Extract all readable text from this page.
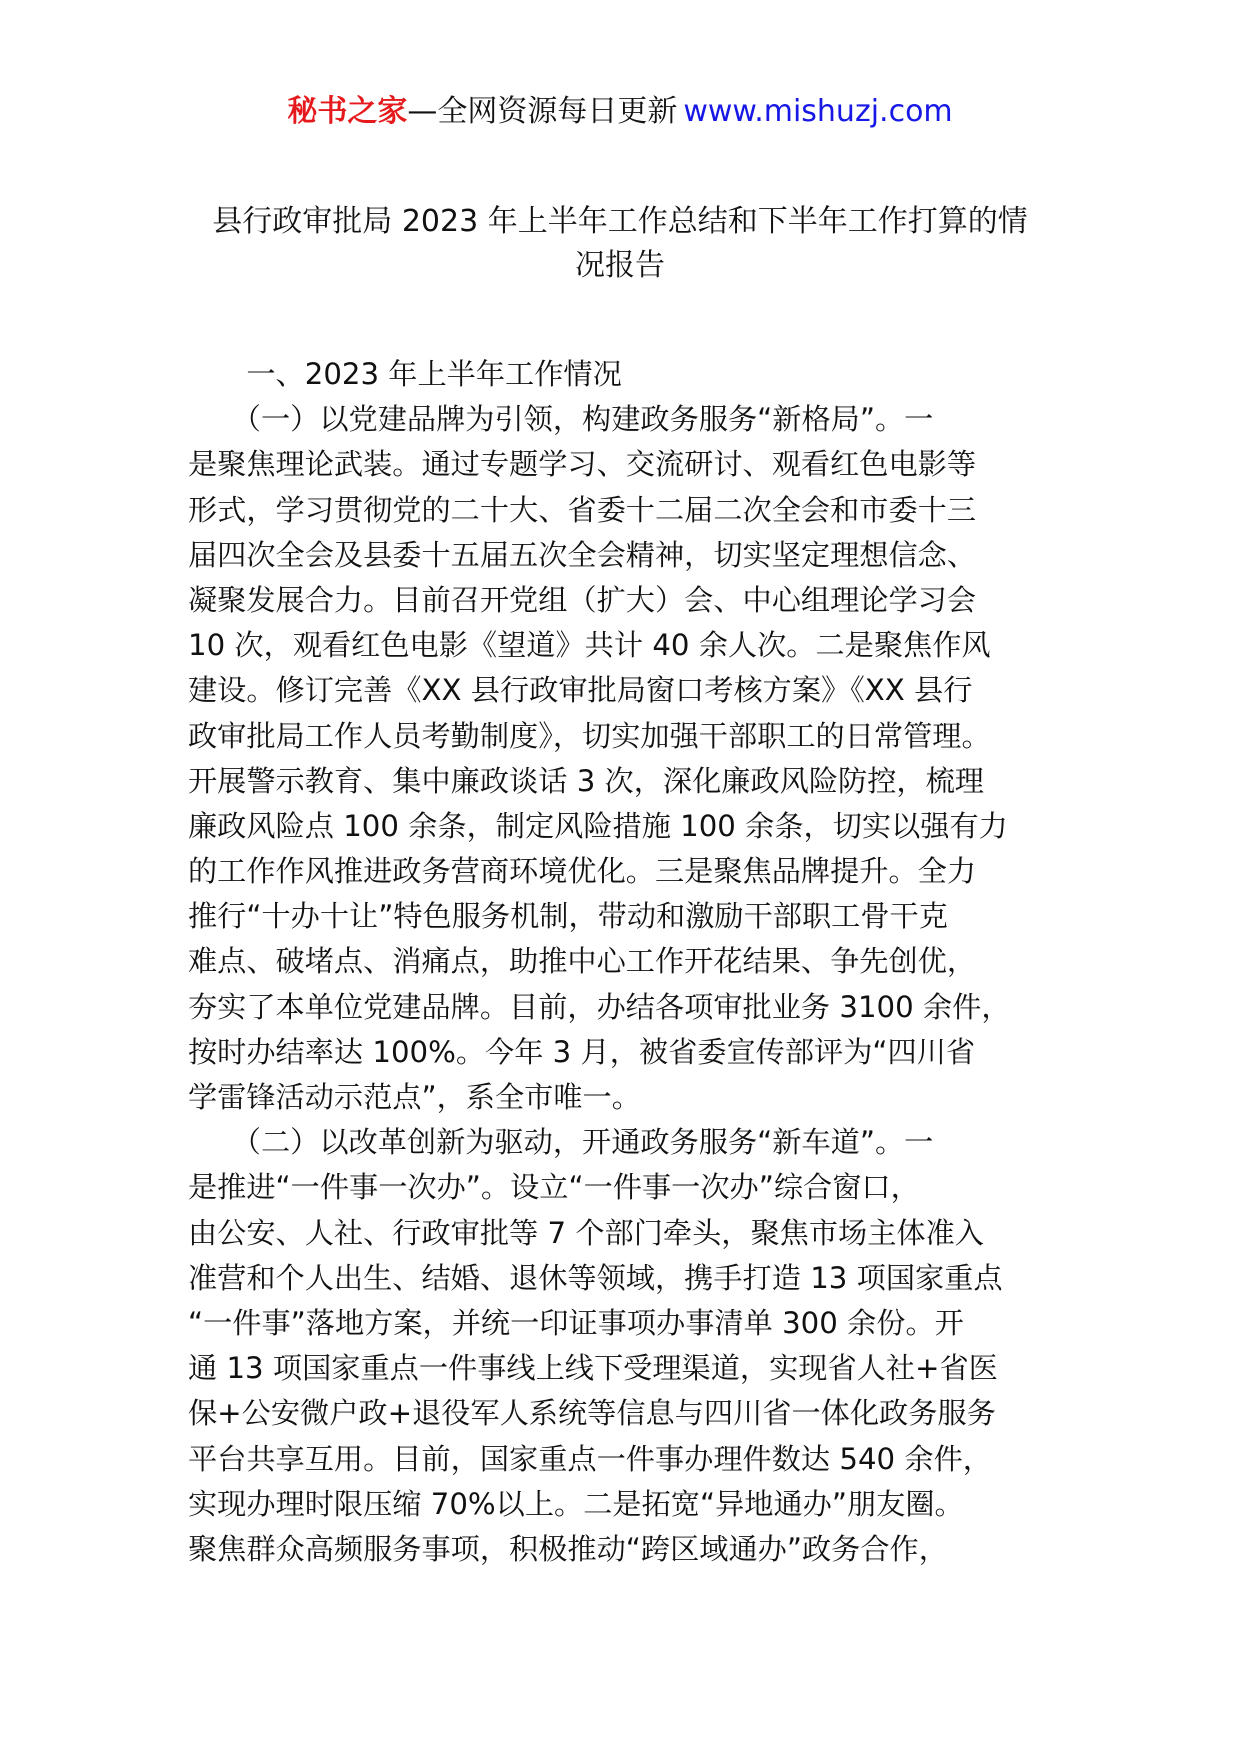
秘书之家—全网资源每日更新 www.mishuzj.com
县行政审批局 2023 年上半年工作总结和下半年工作打算的情
况报告
　　一、2023 年上半年工作情况
　　（一）以党建品牌为引领，构建政务服务“新格局”。一
是聚焦理论武装。通过专题学习、交流研讨、观看红色电影等
形式，学习贯彻党的二十大、省委十二届二次全会和市委十三
届四次全会及县委十五届五次全会精神，切实坚定理想信念、
凝聚发展合力。目前召开党组（扩大）会、中心组理论学习会
10 次，观看红色电影《望道》共计 40 余人次。二是聚焦作风
建设。修订完善《XX 县行政审批局窗口考核方案》《XX 县行
政审批局工作人员考勤制度》，切实加强干部职工的日常管理。
开展警示教育、集中廉政谈话 3 次，深化廉政风险防控，梳理
廉政风险点 100 余条，制定风险措施 100 余条，切实以强有力
的工作作风推进政务营商环境优化。三是聚焦品牌提升。全力
推行“十办十让”特色服务机制，带动和激励干部职工骨干克
难点、破堵点、消痛点，助推中心工作开花结果、争先创优，
夯实了本单位党建品牌。目前，办结各项审批业务 3100 余件，
按时办结率达 100%。今年 3 月，被省委宣传部评为“四川省
学雷锋活动示范点”，系全市唯一。
　　（二）以改革创新为驱动，开通政务服务“新车道”。一
是推进“一件事一次办”。设立“一件事一次办”综合窗口，
由公安、人社、行政审批等 7 个部门牵头，聚焦市场主体准入
准营和个人出生、结婚、退休等领域，携手打造 13 项国家重点
“一件事”落地方案，并统一印证事项办事清单 300 余份。开
通 13 项国家重点一件事线上线下受理渠道，实现省人社+省医
保+公安微户政+退役军人系统等信息与四川省一体化政务服务
平台共享互用。目前，国家重点一件事办理件数达 540 余件，
实现办理时限压缩 70%以上。二是拓宽“异地通办”朋友圈。
聚焦群众高频服务事项，积极推动“跨区域通办”政务合作，
